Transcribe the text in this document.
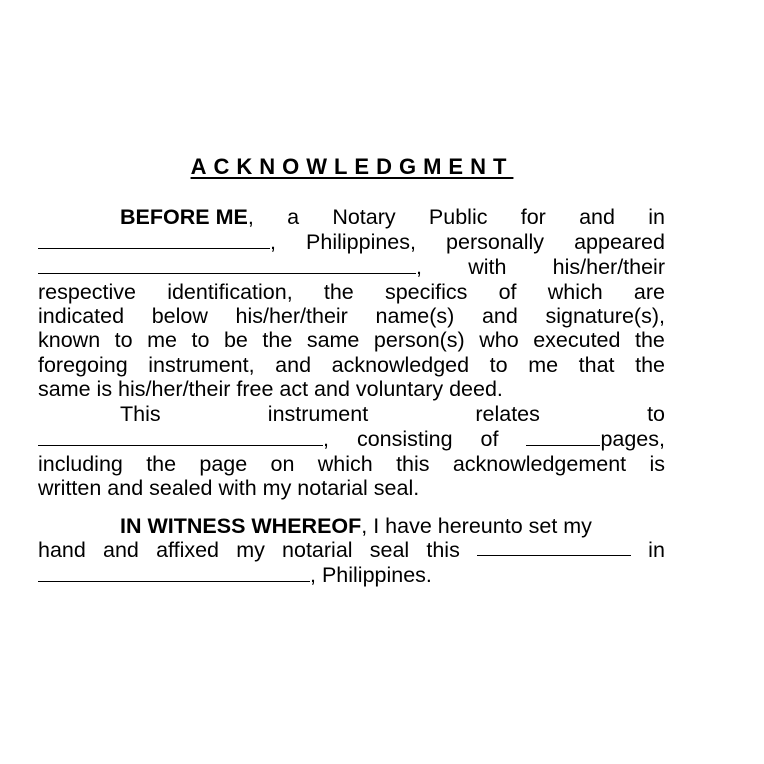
ACKNOWLEDGMENT
BEFORE ME, a Notary Public for and in
, Philippines, personally appeared
, with his/her/their
respective identification, the specifics of which are
indicated below his/her/their name(s) and signature(s),
known to me to be the same person(s) who executed the
foregoing instrument, and acknowledged to me that the
same is his/her/their free act and voluntary deed.
This	instrument	relates	to
, consisting of	pages,
including the page on which this acknowledgement is
written and sealed with my notarial seal.
IN WITNESS WHEREOF, I have hereunto set my
hand and affixed my notarial seal this	in
, Philippines.
